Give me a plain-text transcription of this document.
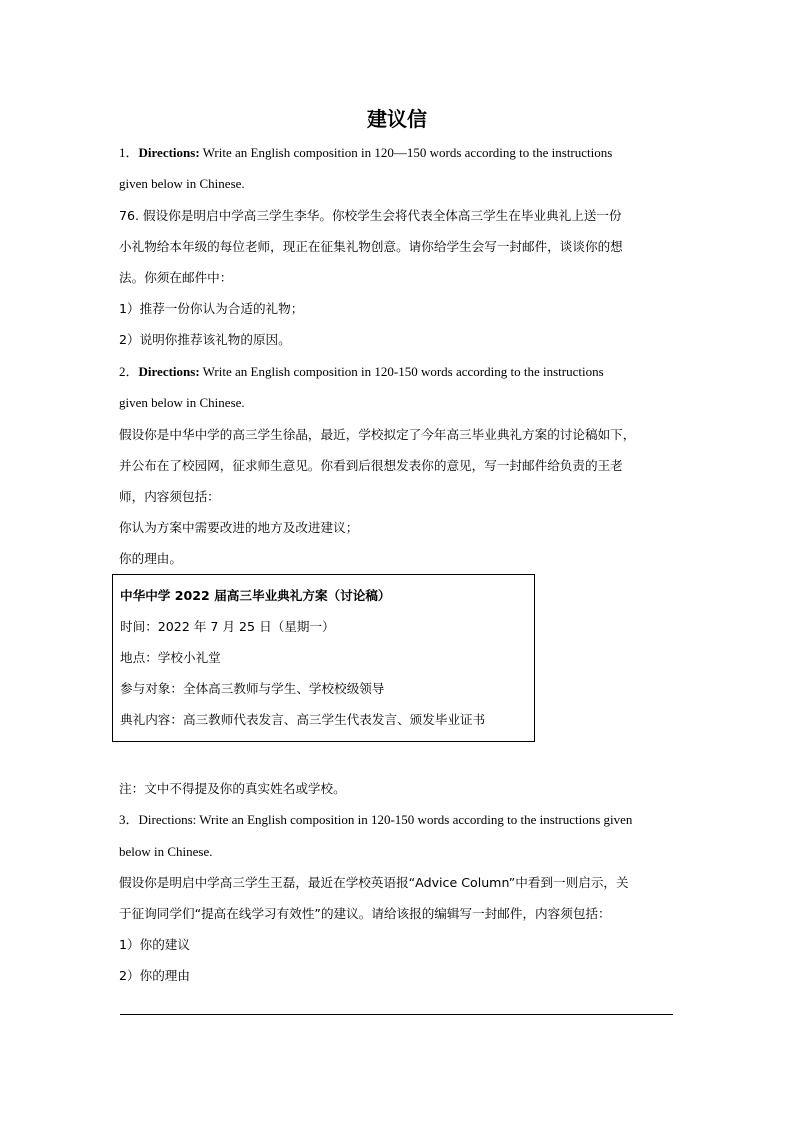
建议信
1．Directions: Write an English composition in 120—150 words according to the instructions
given below in Chinese.
76. 假设你是明启中学高三学生李华。你校学生会将代表全体高三学生在毕业典礼上送一份
小礼物给本年级的每位老师，现正在征集礼物创意。请你给学生会写一封邮件，谈谈你的想
法。你须在邮件中：
1）推荐一份你认为合适的礼物；
2）说明你推荐该礼物的原因。
2．Directions: Write an English composition in 120-150 words according to the instructions
given below in Chinese.
假设你是中华中学的高三学生徐晶，最近，学校拟定了今年高三毕业典礼方案的讨论稿如下，
并公布在了校园网，征求师生意见。你看到后很想发表你的意见，写一封邮件给负责的王老
师，内容须包括：
你认为方案中需要改进的地方及改进建议；
你的理由。
中华中学 2022 届高三毕业典礼方案（讨论稿）
时间：2022 年 7 月 25 日（星期一）
地点：学校小礼堂
参与对象：全体高三教师与学生、学校校级领导
典礼内容：高三教师代表发言、高三学生代表发言、颁发毕业证书
注：文中不得提及你的真实姓名或学校。
3．Directions: Write an English composition in 120-150 words according to the instructions given
below in Chinese.
假设你是明启中学高三学生王磊，最近在学校英语报“Advice Column”中看到一则启示，关
于征询同学们“提高在线学习有效性”的建议。请给该报的编辑写一封邮件，内容须包括：
1）你的建议
2）你的理由
